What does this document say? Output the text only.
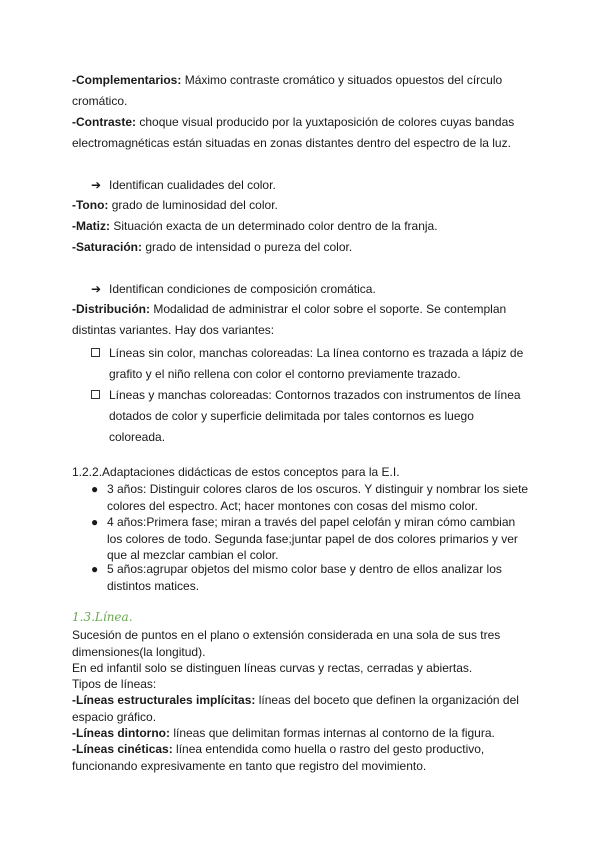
-Complementarios: Máximo contraste cromático y situados opuestos del círculo cromático.
-Contraste: choque visual producido por la yuxtaposición de colores cuyas bandas electromagnéticas están situadas en zonas distantes dentro del espectro de la luz.
➔ Identifican cualidades del color.
-Tono: grado de luminosidad del color.
-Matiz: Situación exacta de un determinado color dentro de la franja.
-Saturación: grado de intensidad o pureza del color.
➔ Identifican condiciones de composición cromática.
-Distribución: Modalidad de administrar el color sobre el soporte. Se contemplan distintas variantes. Hay dos variantes:
Líneas sin color, manchas coloreadas: La línea contorno es trazada a lápiz de grafito y el niño rellena con color el contorno previamente trazado.
Líneas y manchas coloreadas: Contornos trazados con instrumentos de línea dotados de color y superficie delimitada por tales contornos es luego coloreada.
1.2.2.Adaptaciones didácticas de estos conceptos para la E.I.
● 3 años: Distinguir colores claros de los oscuros. Y distinguir y nombrar los siete colores del espectro. Act; hacer montones con cosas del mismo color.
● 4 años:Primera fase; miran a través del papel celofán y miran cómo cambian los colores de todo. Segunda fase;juntar papel de dos colores primarios y ver que al mezclar cambian el color.
● 5 años:agrupar objetos del mismo color base y dentro de ellos analizar los distintos matices.
1.3.Línea.
Sucesión de puntos en el plano o extensión considerada en una sola de sus tres dimensiones(la longitud).
En ed infantil solo se distinguen líneas curvas y rectas, cerradas y abiertas.
Tipos de líneas:
-Líneas estructurales implícitas: líneas del boceto que definen la organización del espacio gráfico.
-Líneas dintorno: líneas que delimitan formas internas al contorno de la figura.
-Líneas cinéticas: línea entendida como huella o rastro del gesto productivo, funcionando expresivamente en tanto que registro del movimiento.
